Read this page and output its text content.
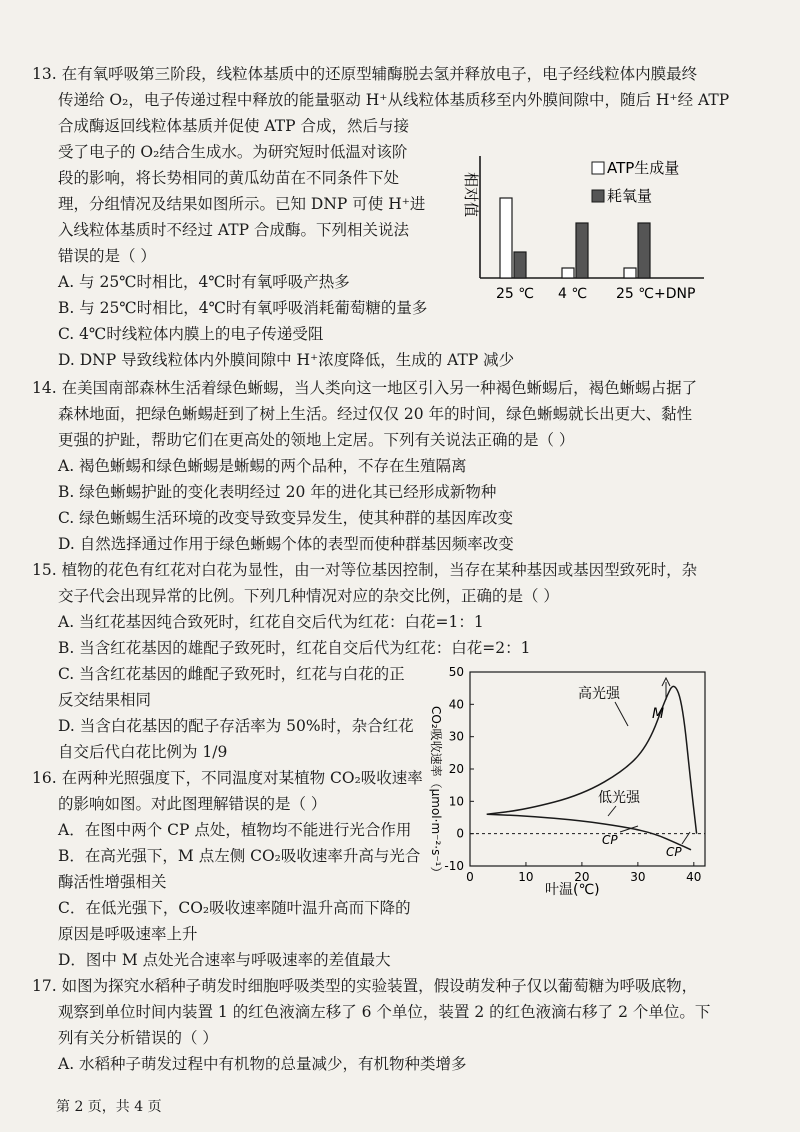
13. 在有氧呼吸第三阶段，线粒体基质中的还原型辅酶脱去氢并释放电子，电子经线粒体内膜最终
传递给 O₂，电子传递过程中释放的能量驱动 H⁺从线粒体基质移至内外膜间隙中，随后 H⁺经 ATP
合成酶返回线粒体基质并促使 ATP 合成，然后与接
受了电子的 O₂结合生成水。为研究短时低温对该阶
段的影响，将长势相同的黄瓜幼苗在不同条件下处
理，分组情况及结果如图所示。已知 DNP 可使 H⁺进
入线粒体基质时不经过 ATP 合成酶。下列相关说法
错误的是（ ）
A. 与 25℃时相比，4℃时有氧呼吸产热多
B. 与 25℃时相比，4℃时有氧呼吸消耗葡萄糖的量多
C. 4℃时线粒体内膜上的电子传递受阻
D. DNP 导致线粒体内外膜间隙中 H⁺浓度降低，生成的 ATP 减少
相对值
ATP生成量
耗氧量
25 ℃ 4 ℃ 25 ℃+DNP
14. 在美国南部森林生活着绿色蜥蜴，当人类向这一地区引入另一种褐色蜥蜴后，褐色蜥蜴占据了
森林地面，把绿色蜥蜴赶到了树上生活。经过仅仅 20 年的时间，绿色蜥蜴就长出更大、黏性
更强的护趾，帮助它们在更高处的领地上定居。下列有关说法正确的是（ ）
A. 褐色蜥蜴和绿色蜥蜴是蜥蜴的两个品种，不存在生殖隔离
B. 绿色蜥蜴护趾的变化表明经过 20 年的进化其已经形成新物种
C. 绿色蜥蜴生活环境的改变导致变异发生，使其种群的基因库改变
D. 自然选择通过作用于绿色蜥蜴个体的表型而使种群基因频率改变
15. 植物的花色有红花对白花为显性，由一对等位基因控制，当存在某种基因或基因型致死时，杂
交子代会出现异常的比例。下列几种情况对应的杂交比例，正确的是（ ）
A. 当红花基因纯合致死时，红花自交后代为红花：白花=1：1
B. 当含红花基因的雄配子致死时，红花自交后代为红花：白花=2：1
C. 当含红花基因的雌配子致死时，红花与白花的正
反交结果相同
D. 当含白花基因的配子存活率为 50%时，杂合红花
自交后代白花比例为 1/9
16. 在两种光照强度下，不同温度对某植物 CO₂吸收速率
的影响如图。对此图理解错误的是（ ）
A．在图中两个 CP 点处，植物均不能进行光合作用
B．在高光强下，M 点左侧 CO₂吸收速率升高与光合
酶活性增强相关
C．在低光强下，CO₂吸收速率随叶温升高而下降的
原因是呼吸速率上升
D．图中 M 点处光合速率与呼吸速率的差值最大
CO₂吸收速率（μmol·m⁻²·s⁻¹）
叶温(℃)
-10
0
10
20
30
40
50
0	10	20	30	40
高光强
低光强
M
CP
CP
17. 如图为探究水稻种子萌发时细胞呼吸类型的实验装置，假设萌发种子仅以葡萄糖为呼吸底物，
观察到单位时间内装置 1 的红色液滴左移了 6 个单位，装置 2 的红色液滴右移了 2 个单位。下
列有关分析错误的（ ）
A. 水稻种子萌发过程中有机物的总量减少，有机物种类增多
第 2 页，共 4 页
